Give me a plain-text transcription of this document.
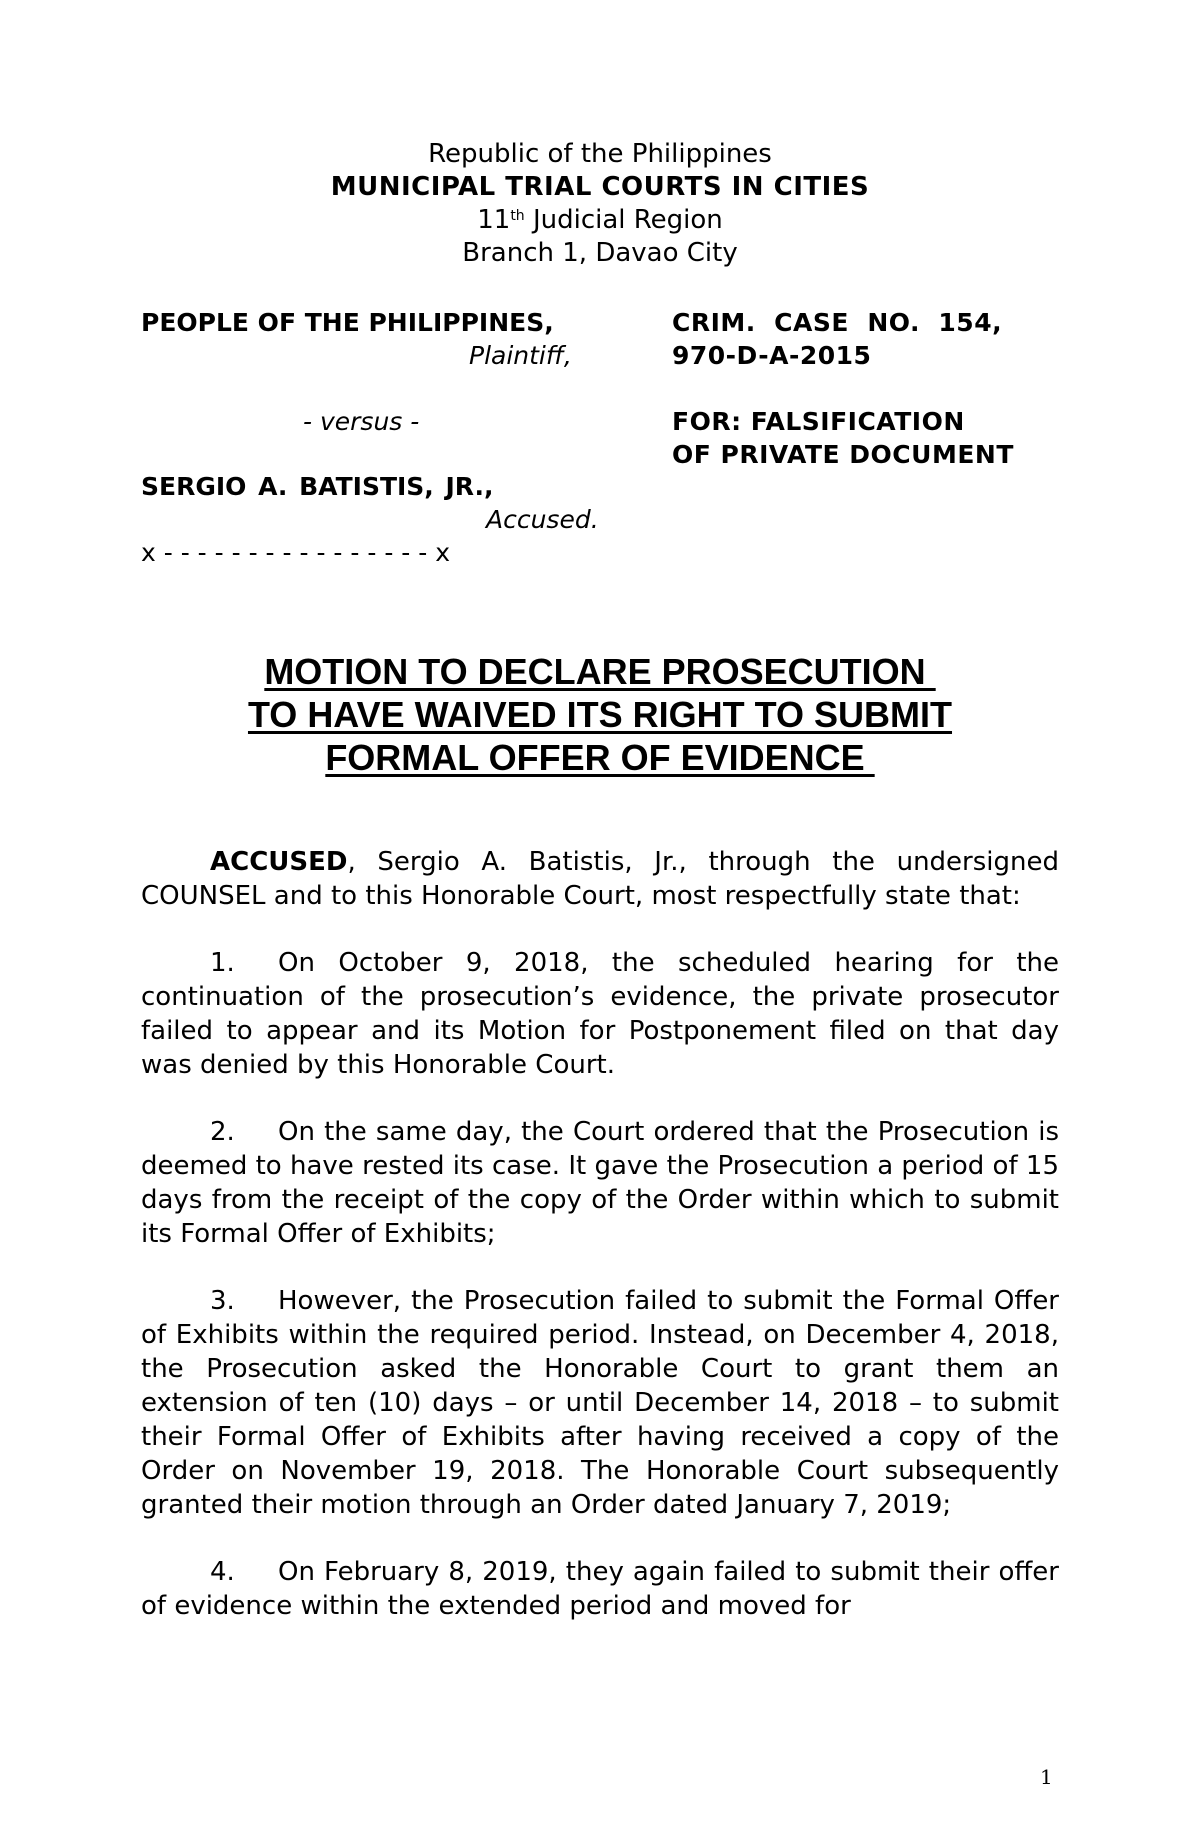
Republic of the Philippines
MUNICIPAL TRIAL COURTS IN CITIES
11th Judicial Region
Branch 1, Davao City
PEOPLE OF THE PHILIPPINES,
Plaintiff,
- versus -
SERGIO A. BATISTIS, JR.,
Accused.
x - - - - - - - - - - - - - - - - x
CRIM.  CASE  NO.  154,
970-D-A-2015
FOR: FALSIFICATION
OF PRIVATE DOCUMENT
MOTION TO DECLARE PROSECUTION
TO HAVE WAIVED ITS RIGHT TO SUBMIT
FORMAL OFFER OF EVIDENCE

ACCUSED, Sergio A. Batistis, Jr., through the undersigned COUNSEL and to this Honorable Court, most respectfully state that:

1. On October 9, 2018, the scheduled hearing for the continuation of the prosecution’s evidence, the private prosecutor failed to appear and its Motion for Postponement filed on that day was denied by this Honorable Court.

2. On the same day, the Court ordered that the Prosecution is deemed to have rested its case. It gave the Prosecution a period of 15 days from the receipt of the copy of the Order within which to submit its Formal Offer of Exhibits;

3. However, the Prosecution failed to submit the Formal Offer of Exhibits within the required period. Instead, on December 4, 2018, the Prosecution asked the Honorable Court to grant them an extension of ten (10) days – or until December 14, 2018 – to submit their Formal Offer of Exhibits after having received a copy of the Order on November 19, 2018. The Honorable Court subsequently granted their motion through an Order dated January 7, 2019;

4. On February 8, 2019, they again failed to submit their offer of evidence within the extended period and moved for

1
